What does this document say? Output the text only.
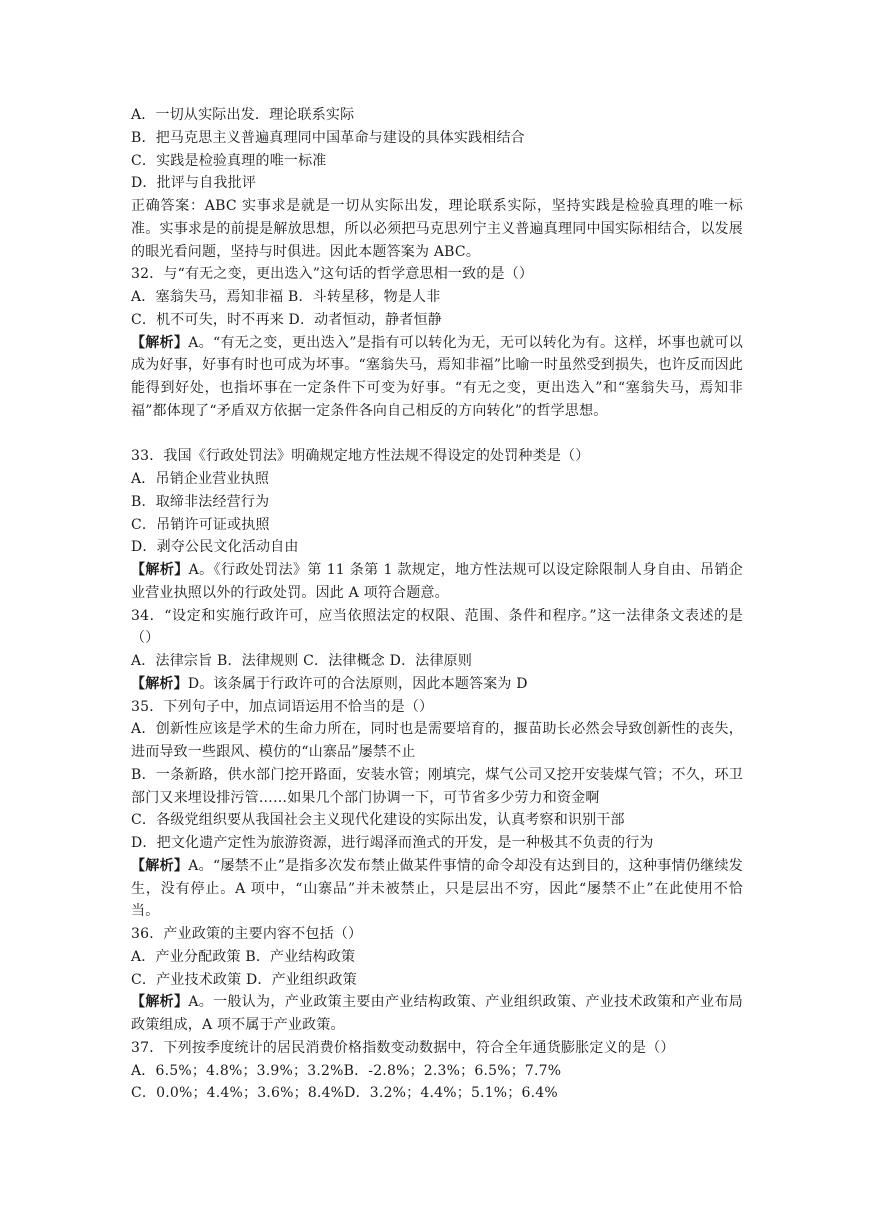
A．一切从实际出发．理论联系实际
B．把马克思主义普遍真理同中国革命与建设的具体实践相结合
C．实践是检验真理的唯一标准
D．批评与自我批评
正确答案：ABC 实事求是就是一切从实际出发，理论联系实际，坚持实践是检验真理的唯一标准。实事求是的前提是解放思想，所以必须把马克思列宁主义普遍真理同中国实际相结合，以发展的眼光看问题，坚持与时俱进。因此本题答案为 ABC。
32．与“有无之变，更出迭入”这句话的哲学意思相一致的是（）
A．塞翁失马，焉知非福 B．斗转星移，物是人非
C．机不可失，时不再来 D．动者恒动，静者恒静
【解析】A。“有无之变，更出迭入”是指有可以转化为无，无可以转化为有。这样，坏事也就可以成为好事，好事有时也可成为坏事。“塞翁失马，焉知非福”比喻一时虽然受到损失，也许反而因此能得到好处，也指坏事在一定条件下可变为好事。“有无之变，更出迭入”和“塞翁失马，焉知非福”都体现了“矛盾双方依据一定条件各向自己相反的方向转化”的哲学思想。
33．我国《行政处罚法》明确规定地方性法规不得设定的处罚种类是（）
A．吊销企业营业执照
B．取缔非法经营行为
C．吊销许可证或执照
D．剥夺公民文化活动自由
【解析】A。《行政处罚法》第 11 条第 1 款规定，地方性法规可以设定除限制人身自由、吊销企业营业执照以外的行政处罚。因此 A 项符合题意。
34．“设定和实施行政许可，应当依照法定的权限、范围、条件和程序。”这一法律条文表述的是（）
A．法律宗旨 B．法律规则 C．法律概念 D．法律原则
【解析】D。该条属于行政许可的合法原则，因此本题答案为 D
35．下列句子中，加点词语运用不恰当的是（）
A．创新性应该是学术的生命力所在，同时也是需要培育的，揠苗助长必然会导致创新性的丧失，进而导致一些跟风、模仿的“山寨品”屡禁不止
B．一条新路，供水部门挖开路面，安装水管；刚填完，煤气公司又挖开安装煤气管；不久，环卫部门又来埋设排污管……如果几个部门协调一下，可节省多少劳力和资金啊
C．各级党组织要从我国社会主义现代化建设的实际出发，认真考察和识别干部
D．把文化遗产定性为旅游资源，进行竭泽而渔式的开发，是一种极其不负责的行为
【解析】A。“屡禁不止”是指多次发布禁止做某件事情的命令却没有达到目的，这种事情仍继续发生，没有停止。A 项中，“山寨品”并未被禁止，只是层出不穷，因此“屡禁不止”在此使用不恰当。
36．产业政策的主要内容不包括（）
A．产业分配政策 B．产业结构政策
C．产业技术政策 D．产业组织政策
【解析】A。一般认为，产业政策主要由产业结构政策、产业组织政策、产业技术政策和产业布局政策组成，A 项不属于产业政策。
37．下列按季度统计的居民消费价格指数变动数据中，符合全年通货膨胀定义的是（）
A．6.5%；4.8%；3.9%；3.2%B．-2.8%；2.3%；6.5%；7.7%
C．0.0%；4.4%；3.6%；8.4%D．3.2%；4.4%；5.1%；6.4%
